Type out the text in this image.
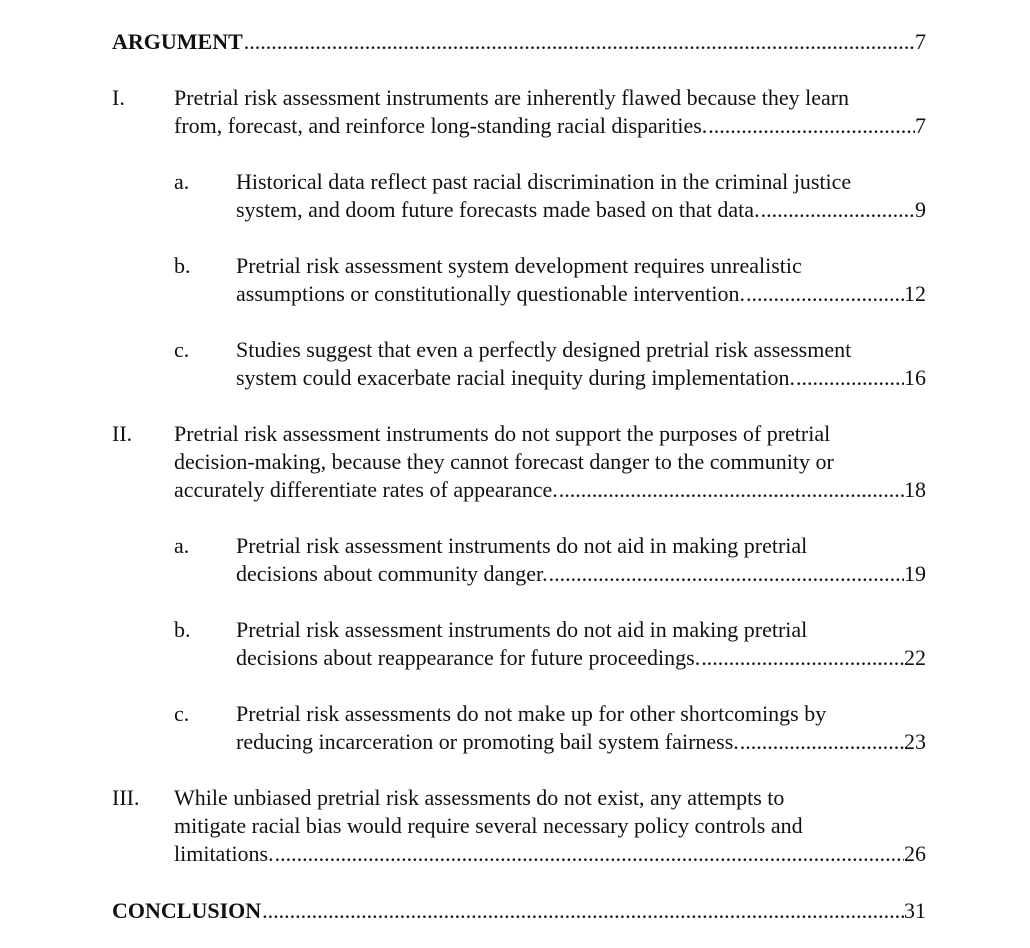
ARGUMENT .....	7
I.	Pretrial risk assessment instruments are inherently flawed because they learn
from, forecast, and reinforce long-standing racial disparities. .....	7
a.	Historical data reflect past racial discrimination in the criminal justice
system, and doom future forecasts made based on that data. .....	9
b.	Pretrial risk assessment system development requires unrealistic
assumptions or constitutionally questionable intervention. .....	12
c.	Studies suggest that even a perfectly designed pretrial risk assessment
system could exacerbate racial inequity during implementation. .....	16
II.	Pretrial risk assessment instruments do not support the purposes of pretrial
decision-making, because they cannot forecast danger to the community or
accurately differentiate rates of appearance. .....	18
a.	Pretrial risk assessment instruments do not aid in making pretrial
decisions about community danger. .....	19
b.	Pretrial risk assessment instruments do not aid in making pretrial
decisions about reappearance for future proceedings. .....	22
c.	Pretrial risk assessments do not make up for other shortcomings by
reducing incarceration or promoting bail system fairness. .....	23
III.	While unbiased pretrial risk assessments do not exist, any attempts to
mitigate racial bias would require several necessary policy controls and
limitations. .....	26
CONCLUSION .....	31
